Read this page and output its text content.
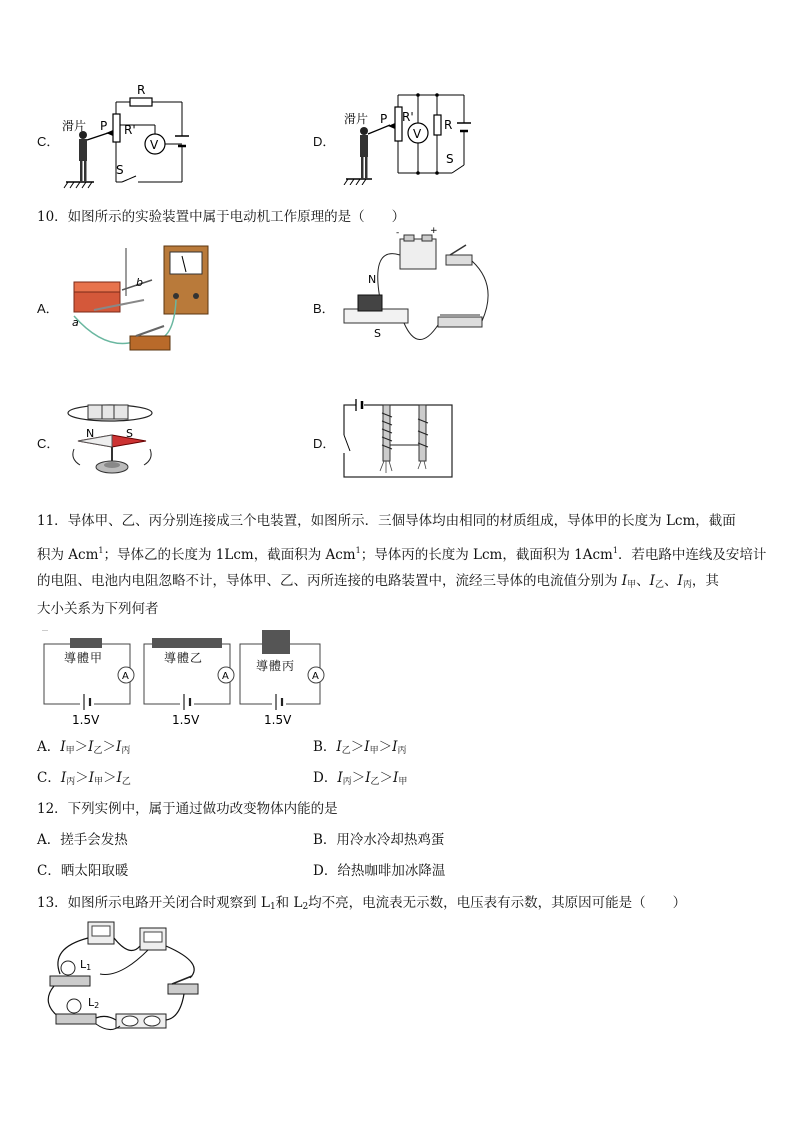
C．
滑片 P R'
R
V
S
D．
滑片 P R'
S
V
R
10．如图所示的实验装置中属于电动机工作原理的是（　　）
A．
a
b
B．
-	+
N
S
C．
N	S
D．
11．导体甲、乙、丙分别连接成三个电装置，如图所示．三個导体均由相同的材质组成，导体甲的长度为 Lcm，截面
积为 Acm$^1$；导体乙的长度为 1Lcm，截面积为 Acm$^1$；导体丙的长度为 Lcm，截面积为 1Acm$^1$．若电路中连线及安培计
的电阻、电池内电阻忽略不计，导体甲、乙、丙所连接的电路装置中，流经三导体的电流值分别为 $I_甲$、$I_乙$、$I_丙$，其
大小关系为下列何者
A
1.5V
導體甲
A
1.5V
導體乙
A
1.5V
導體丙
A．$I_甲>I_乙>I_丙$	B．$I_乙>I_甲>I_丙$
C．$I_丙>I_甲>I_乙$	D．$I_丙>I_乙>I_甲$
12．下列实例中，属于通过做功改变物体内能的是
A．搓手会发热	B．用冷水冷却热鸡蛋
C．晒太阳取暖	D．给热咖啡加冰降温
13．如图所示电路开关闭合时观察到 $L_1$和 $L_2$均不亮，电流表无示数，电压表有示数，其原因可能是（　　）
L1
L2
